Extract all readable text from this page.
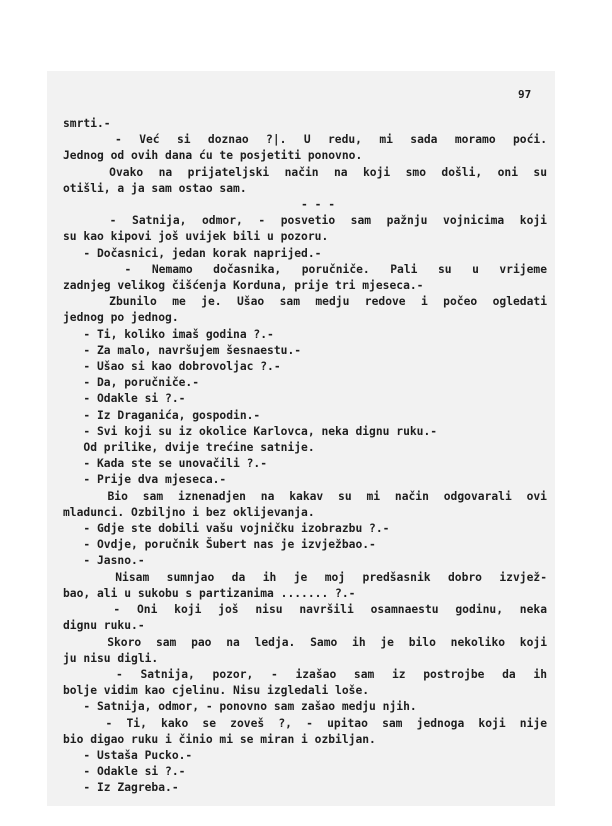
97
smrti.-
- Već si doznao ?|. U redu, mi sada moramo poći.
Jednog od ovih dana ću te posjetiti ponovno.
Ovako na prijateljski način na koji smo došli, oni su
otišli, a ja sam ostao sam.
- - -
- Satnija, odmor, - posvetio sam pažnju vojnicima koji
su kao kipovi još uvijek bili u pozoru.
- Dočasnici, jedan korak naprijed.-
- Nemamo dočasnika, poručniče. Pali su u vrijeme
zadnjeg velikog čišćenja Korduna, prije tri mjeseca.-
Zbunilo me je. Ušao sam medju redove i počeo ogledati
jednog po jednog.
- Ti, koliko imaš godina ?.-
- Za malo, navršujem šesnaestu.-
- Ušao si kao dobrovoljac ?.-
- Da, poručniče.-
- Odakle si ?.-
- Iz Draganića, gospodin.-
- Svi koji su iz okolice Karlovca, neka dignu ruku.-
Od prilike, dvije trećine satnije.
- Kada ste se unovačili ?.-
- Prije dva mjeseca.-
Bio sam iznenadjen na kakav su mi način odgovarali ovi
mladunci. Ozbiljno i bez oklijevanja.
- Gdje ste dobili vašu vojničku izobrazbu ?.-
- Ovdje, poručnik Šubert nas je izvježbao.-
- Jasno.-
Nisam sumnjao da ih je moj predšasnik dobro izvjež-
bao, ali u sukobu s partizanima ....... ?.-
- Oni koji još nisu navršili osamnaestu godinu, neka
dignu ruku.-
Skoro sam pao na ledja. Samo ih je bilo nekoliko koji
ju nisu digli.
- Satnija, pozor, - izašao sam iz postrojbe da ih
bolje vidim kao cjelinu. Nisu izgledali loše.
- Satnija, odmor, - ponovno sam zašao medju njih.
- Ti, kako se zoveš ?, - upitao sam jednoga koji nije
bio digao ruku i činio mi se miran i ozbiljan.
- Ustaša Pucko.-
- Odakle si ?.-
- Iz Zagreba.-
